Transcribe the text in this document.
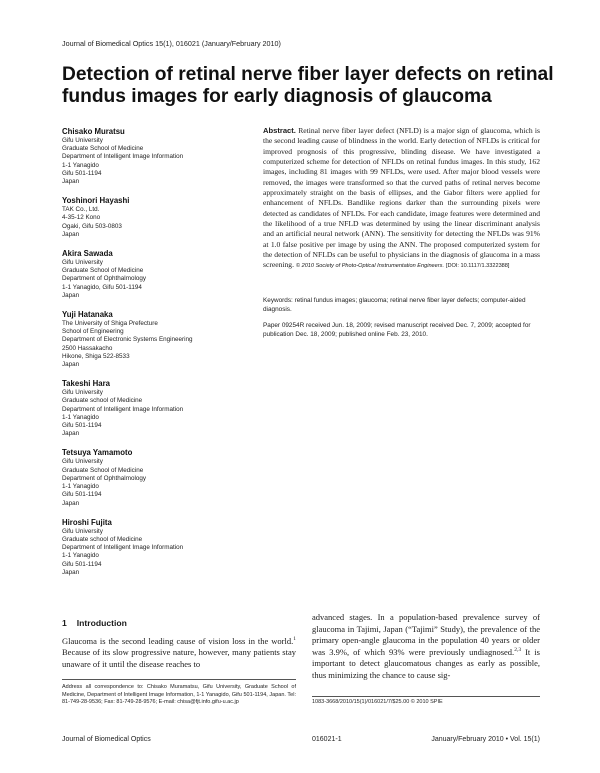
Journal of Biomedical Optics 15(1), 016021 (January/February 2010)
Detection of retinal nerve fiber layer defects on retinal fundus images for early diagnosis of glaucoma
Chisako Muratsu
Gifu University
Graduate School of Medicine
Department of Intelligent Image Information
1-1 Yanagido
Gifu 501-1194
Japan
Yoshinori Hayashi
TAK Co., Ltd.
4-35-12 Kono
Ogaki, Gifu 503-0803
Japan
Akira Sawada
Gifu University
Graduate School of Medicine
Department of Ophthalmology
1-1 Yanagido, Gifu 501-1194
Japan
Yuji Hatanaka
The University of Shiga Prefecture
School of Engineering
Department of Electronic Systems Engineering
2500 Hassakacho
Hikone, Shiga 522-8533
Japan
Takeshi Hara
Gifu University
Graduate school of Medicine
Department of Intelligent Image Information
1-1 Yanagido
Gifu 501-1194
Japan
Tetsuya Yamamoto
Gifu University
Graduate School of Medicine
Department of Ophthalmology
1-1 Yanagido
Gifu 501-1194
Japan
Hiroshi Fujita
Gifu University
Graduate school of Medicine
Department of Intelligent Image Information
1-1 Yanagido
Gifu 501-1194
Japan
Abstract. Retinal nerve fiber layer defect (NFLD) is a major sign of glaucoma, which is the second leading cause of blindness in the world. Early detection of NFLDs is critical for improved prognosis of this progressive, blinding disease. We have investigated a computerized scheme for detection of NFLDs on retinal fundus images. In this study, 162 images, including 81 images with 99 NFLDs, were used. After major blood vessels were removed, the images were transformed so that the curved paths of retinal nerves become approximately straight on the basis of ellipses, and the Gabor filters were applied for enhancement of NFLDs. Bandlike regions darker than the surrounding pixels were detected as candidates of NFLDs. For each candidate, image features were determined and the likelihood of a true NFLD was determined by using the linear discriminant analysis and an artificial neural network (ANN). The sensitivity for detecting the NFLDs was 91% at 1.0 false positive per image by using the ANN. The proposed computerized system for the detection of NFLDs can be useful to physicians in the diagnosis of glaucoma in a mass screening. © 2010 Society of Photo-Optical Instrumentation Engineers. [DOI: 10.1117/1.3322388]
Keywords: retinal fundus images; glaucoma; retinal nerve fiber layer defects; computer-aided diagnosis.
Paper 09254R received Jun. 18, 2009; revised manuscript received Dec. 7, 2009; accepted for publication Dec. 18, 2009; published online Feb. 23, 2010.
1 Introduction
Glaucoma is the second leading cause of vision loss in the world.$^1$ Because of its slow progressive nature, however, many patients stay unaware of it until the disease reaches to
advanced stages. In a population-based prevalence survey of glaucoma in Tajimi, Japan (“Tajimi” Study), the prevalence of the primary open-angle glaucoma in the population 40 years or older was 3.9%, of which 93% were previously undiagnosed.$^{2,3}$ It is important to detect glaucomatous changes as early as possible, thus minimizing the chance to cause sig-
Address all correspondence to: Chisako Muramatsu, Gifu University, Graduate School of Medicine, Department of Intelligent Image Information, 1-1 Yanagido, Gifu 501-1194, Japan. Tel: 81-749-28-9536; Fax: 81-749-28-9576; E-mail: chisa@fjt.info.gifu-u.ac.jp	1083-3668/2010/15(1)/016021/7/$25.00 © 2010 SPIE
Journal of Biomedical Optics	016021-1	January/February 2010 • Vol. 15(1)
